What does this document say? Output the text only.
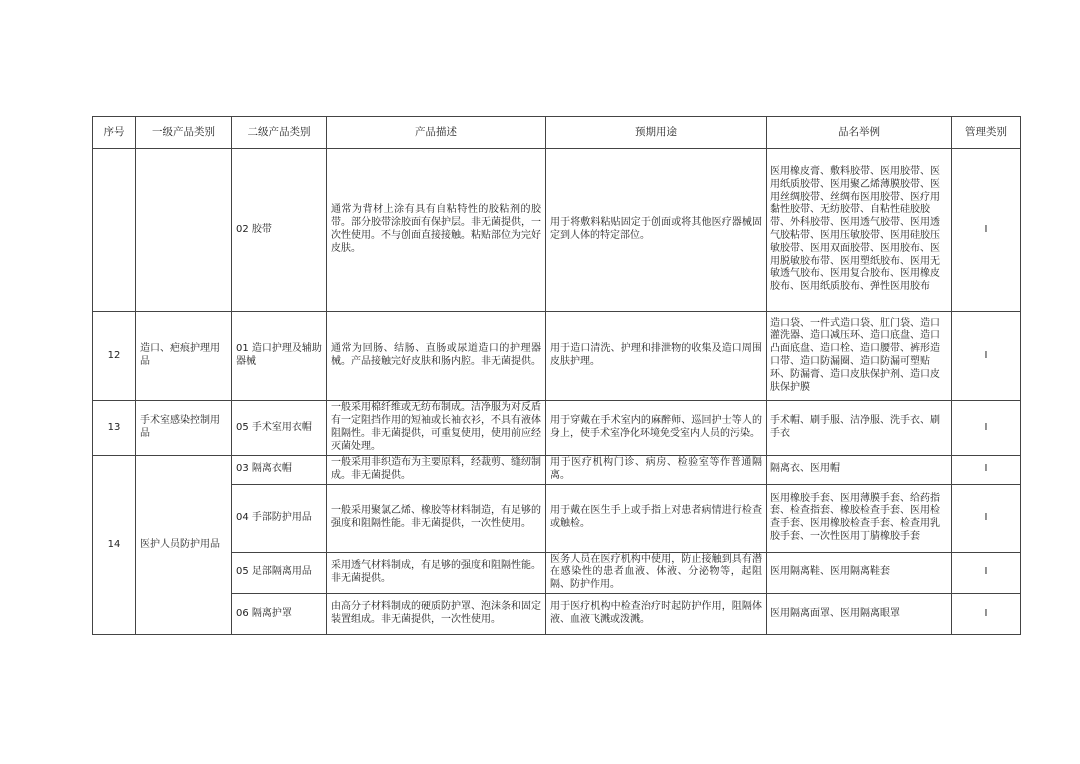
序号	一级产品类别	二级产品类别	产品描述	预期用途	品名举例	管理类别
		02 胶带	通常为背材上涂有具有自粘特性的胶粘剂的胶带。部分胶带涂胶面有保护层。非无菌提供，一次性使用。不与创面直接接触。粘贴部位为完好皮肤。	用于将敷料粘贴固定于创面或将其他医疗器械固定到人体的特定部位。	医用橡皮膏、敷料胶带、医用胶带、医用纸质胶带、医用聚乙烯薄膜胶带、医用丝绸胶带、丝绸布医用胶带、医疗用黏性胶带、无纺胶带、自粘性硅胶胶带、外科胶带、医用透气胶带、医用透气胶粘带、医用压敏胶带、医用硅胶压敏胶带、医用双面胶带、医用胶布、医用脱敏胶布带、医用塑纸胶布、医用无敏透气胶布、医用复合胶布、医用橡皮胶布、医用纸质胶布、弹性医用胶布	I
12	造口、疤痕护理用品	01 造口护理及辅助器械	通常为回肠、结肠、直肠或尿道造口的护理器械。产品接触完好皮肤和肠内腔。非无菌提供。	用于造口清洗、护理和排泄物的收集及造口周围皮肤护理。	造口袋、一件式造口袋、肛门袋、造口灌洗器、造口减压环、造口底盘、造口凸面底盘、造口栓、造口腰带、裤形造口带、造口防漏圈、造口防漏可塑贴环、防漏膏、造口皮肤保护剂、造口皮肤保护膜	I
13	手术室感染控制用品	05 手术室用衣帽	一般采用棉纤维或无纺布制成。洁净服为对反盾有一定阻挡作用的短袖或长袖衣衫，不具有液体阻隔性。非无菌提供，可重复使用，使用前应经灭菌处理。	用于穿戴在手术室内的麻醉师、巡回护士等人的身上，使手术室净化环境免受室内人员的污染。	手术帽、刷手服、洁净服、洗手衣、刷手衣	I
14	医护人员防护用品	03 隔离衣帽	一般采用非织造布为主要原料，经裁剪、缝纫制成。非无菌提供。	用于医疗机构门诊、病房、检验室等作普通隔离。	隔离衣、医用帽	I
		04 手部防护用品	一般采用聚氯乙烯、橡胶等材料制造，有足够的强度和阻隔性能。非无菌提供，一次性使用。	用于戴在医生手上或手指上对患者病情进行检查或触检。	医用橡胶手套、医用薄膜手套、给药指套、检查指套、橡胶检查手套、医用检查手套、医用橡胶检查手套、检查用乳胶手套、一次性医用丁腈橡胶手套	I
		05 足部隔离用品	采用透气材料制成，有足够的强度和阻隔性能。非无菌提供。	医务人员在医疗机构中使用，防止接触到具有潜在感染性的患者血液、体液、分泌物等，起阻隔、防护作用。	医用隔离鞋、医用隔离鞋套	I
		06 隔离护罩	由高分子材料制成的硬质防护罩、泡沫条和固定装置组成。非无菌提供，一次性使用。	用于医疗机构中检查治疗时起防护作用，阻隔体液、血液飞溅或泼溅。	医用隔离面罩、医用隔离眼罩	I
